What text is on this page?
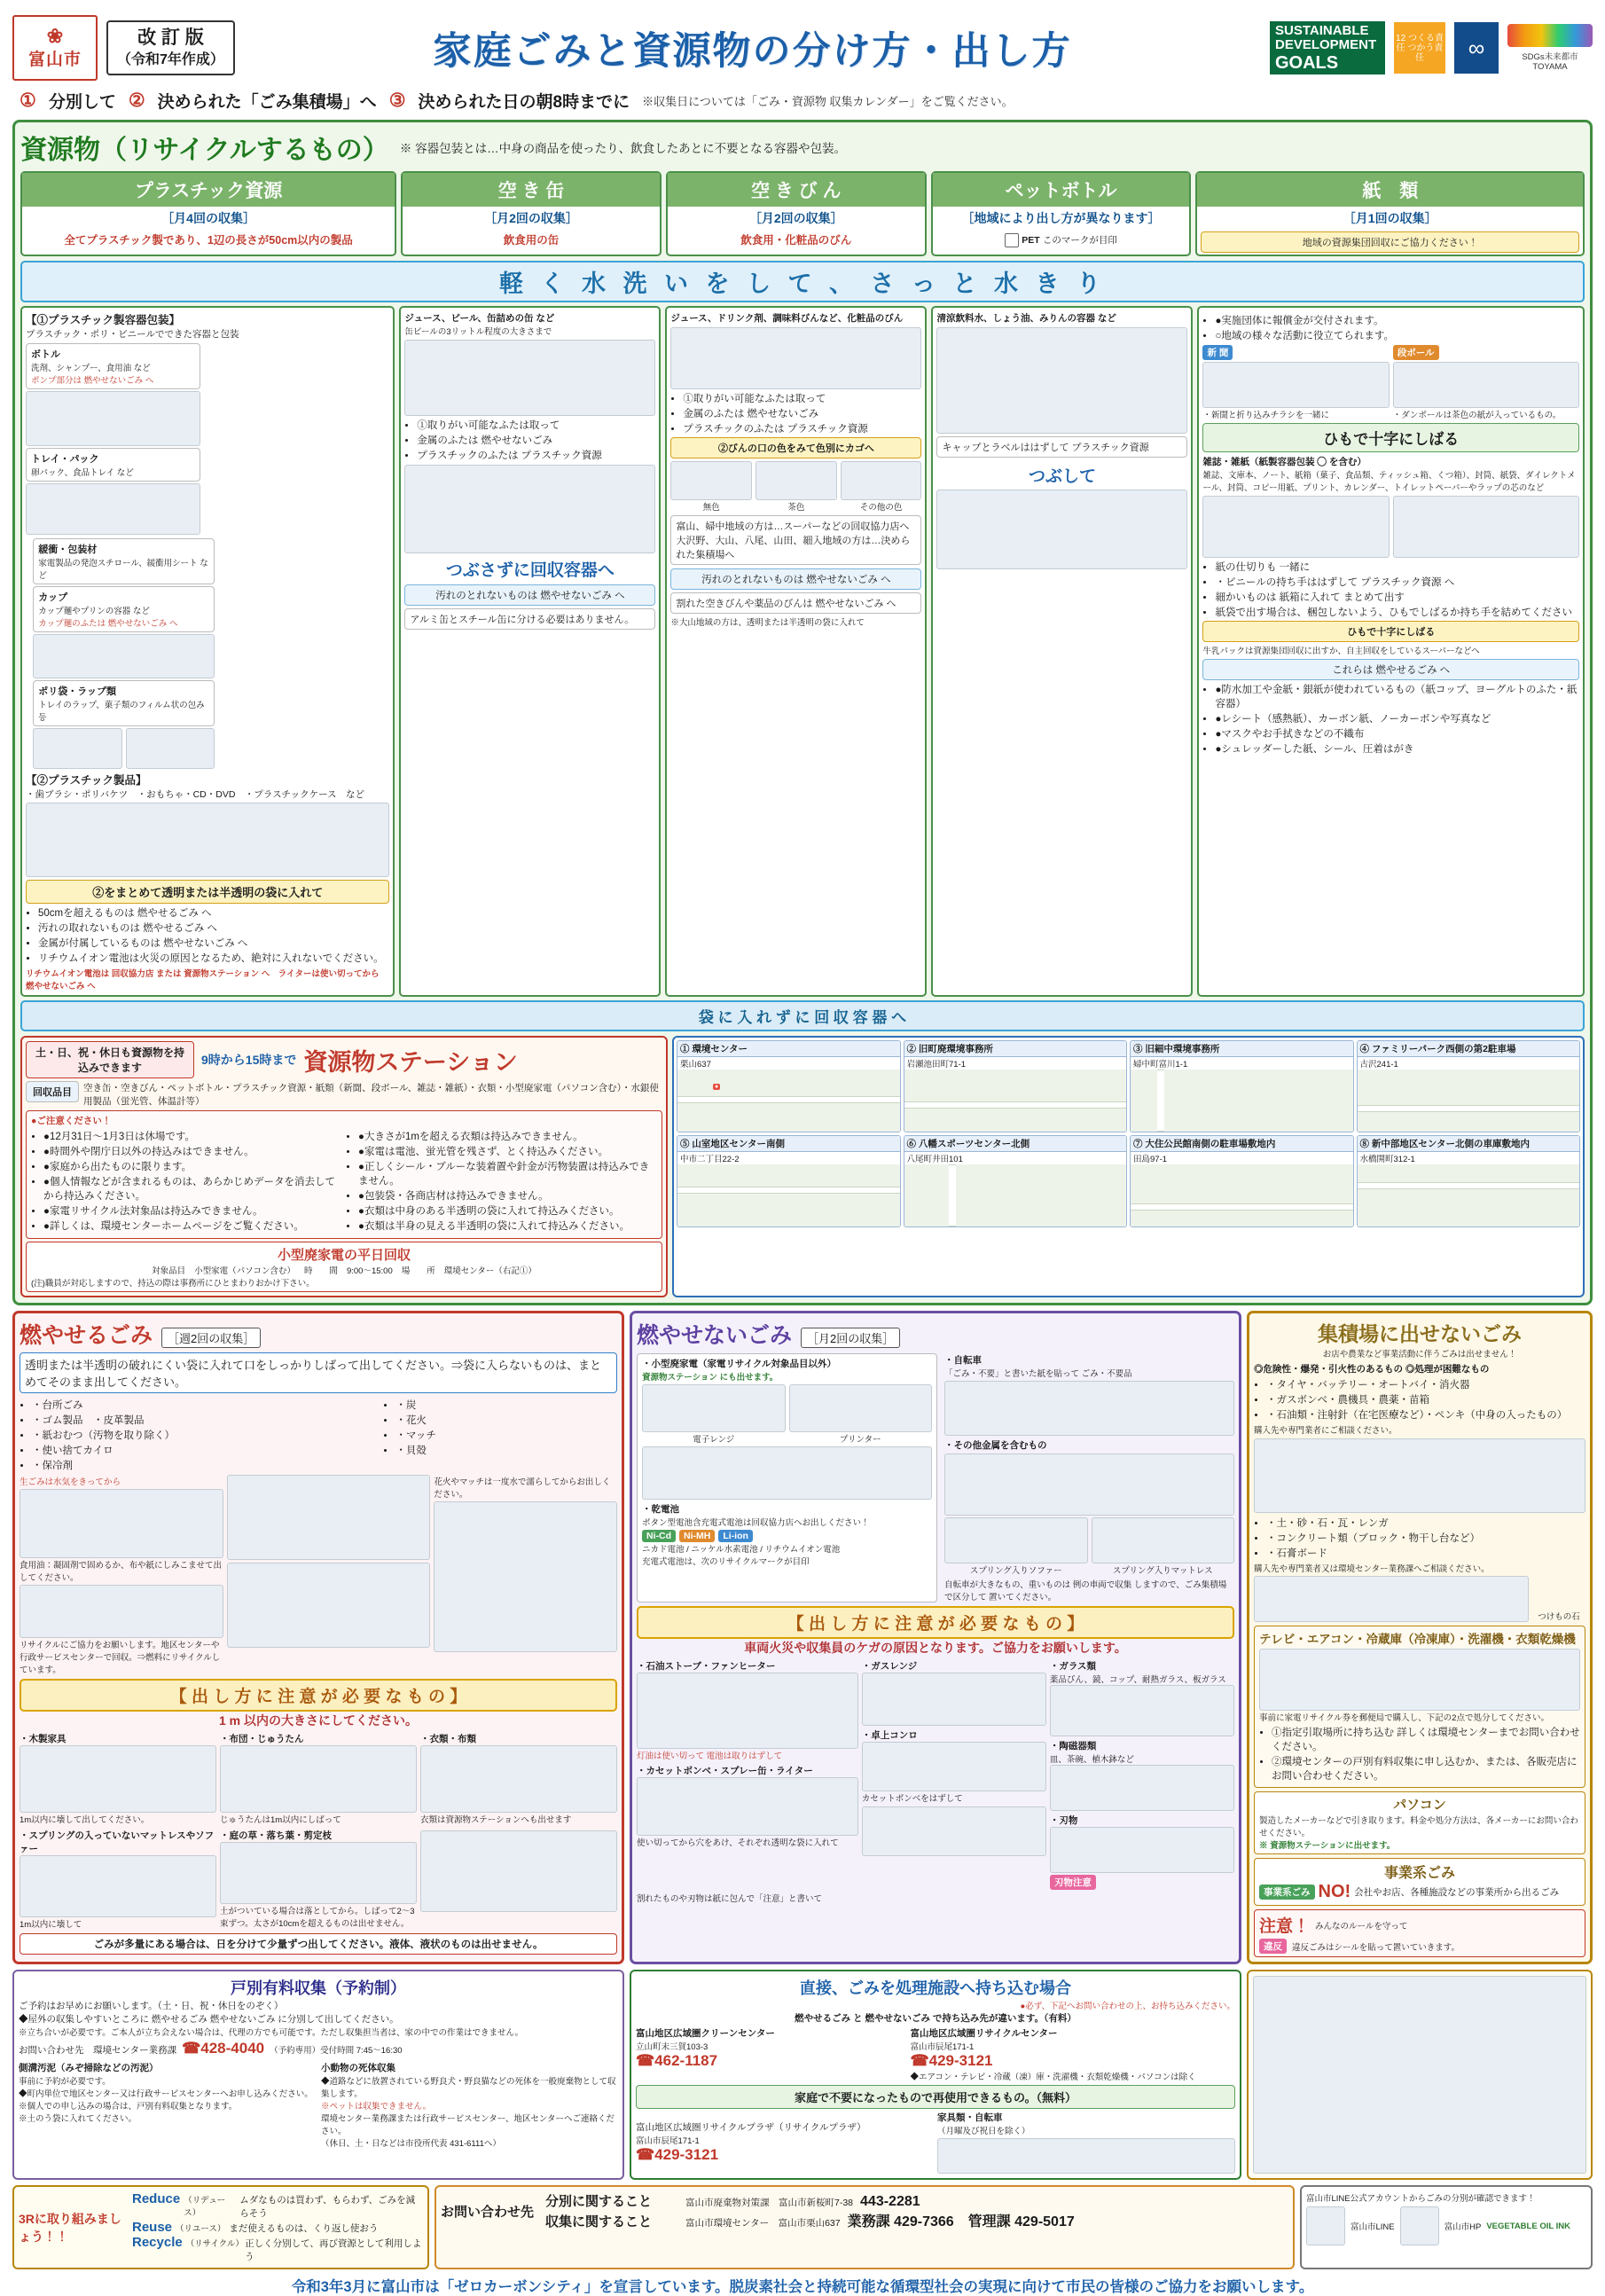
❀
富山市
改 訂 版
（令和7年作成）	家庭ごみと資源物の分け方・出し方	SUSTAINABLE
DEVELOPMENT
GOALS
12 つくる責任 つかう責任	∞	SDGs未来都市 TOYAMA
① 分別して ② 決められた「ごみ集積場」へ ③ 決められた日の朝8時までに ※収集日については「ごみ・資源物 収集カレンダー」をご覧ください。
資源物（リサイクルするもの） ※ 容器包装とは…中身の商品を使ったり、飲食したあとに不要となる容器や包装。
プラスチック資源
［月4回の収集］
全てプラスチック製であり、1辺の長さが50cm以内の製品
空 き 缶
［月2回の収集］
飲食用の缶
空 き び ん
［月2回の収集］
飲食用・化粧品のびん
ペットボトル
［地域により出し方が異なります］
PET このマークが目印
紙　類
［月1回の収集］
地域の資源集団回収にご協力ください！
軽 く 水 洗 い を し て 、 さ っ と 水 き り
【①プラスチック製容器包装】
プラスチック・ポリ・ビニールでできた容器と包装
ボトル
洗剤、シャンプー、食用油 など
ポンプ部分は 燃やせないごみ へ
トレイ・パック
卵パック、食品トレイ など
緩衝・包装材
家電製品の発泡スチロール、緩衝用シート など
カップ
カップ麺やプリンの容器 など
カップ麺のふたは 燃やせないごみ へ
ポリ袋・ラップ類
トレイのラップ、菓子類のフィルム状の包み 등
【②プラスチック製品】
・歯ブラシ・ポリバケツ　・おもちゃ・CD・DVD　・プラスチックケース　など
②をまとめて透明または半透明の袋に入れて
• 50cmを超えるものは 燃やせるごみ へ
• 汚れの取れないものは 燃やせるごみ へ
• 金属が付属しているものは 燃やせないごみ へ
• リチウムイオン電池は火災の原因となるため、絶対に入れないでください。
リチウムイオン電池は 回収協力店 または 資源物ステーション へ　ライターは使い切ってから 燃やせないごみ へ
ジュース、ビール、缶詰めの缶 など
缶ビールの3リットル程度の大きさまで
• ①取りがい可能なふたは取って
• 金属のふたは 燃やせないごみ
• プラスチックのふたは プラスチック資源
つぶさずに回収容器へ
汚れのとれないものは 燃やせないごみ へ
アルミ缶とスチール缶に分ける必要はありません。
ジュース、ドリンク剤、調味料びんなど、化粧品のびん
• ①取りがい可能なふたは取って
• 金属のふたは 燃やせないごみ
• プラスチックのふたは プラスチック資源
②びんの口の色をみて色別にカゴへ
無色	茶色	その他の色
富山、婦中地域の方は…スーパーなどの回収協力店へ 大沢野、大山、八尾、山田、細入地域の方は…決められた集積場へ
汚れのとれないものは 燃やせないごみ へ
割れた空きびんや薬品のびんは 燃やせないごみ へ
※大山地域の方は、透明または半透明の袋に入れて
清涼飲料水、しょう油、みりんの容器 など
キャップとラベルははずして プラスチック資源
つぶして
• ●実施団体に報償金が交付されます。
• ○地域の様々な活動に役立てられます。
新 聞
・新聞と折り込みチラシを一緒に
段ボール
・ダンボールは茶色の紙が入っているもの。
ひもで十字にしばる
雑誌・雑紙（紙製容器包装 ◯ を含む）
雑誌、文庫本、ノート、紙箱（菓子、食品類、ティッシュ箱、くつ箱）、封筒、紙袋、ダイレクトメール、封筒、コピー用紙、プリント、カレンダー、トイレットペーパーやラップの芯のなど
• 紙の仕切りも 一緒に
• ・ビニールの持ち手ははずして プラスチック資源 へ
• 細かいものは 紙箱に入れて まとめて出す
• 紙袋で出す場合は、梱包しないよう、ひもでしばるか持ち手を結めてください
ひもで十字にしばる
牛乳パックは資源集団回収に出すか、自主回収をしているスーパーなどへ
これらは 燃やせるごみ へ
• ●防水加工や金紙・銀紙が使われているもの（紙コップ、ヨーグルトのふた・紙容器）
• ●レシート（感熱紙）、カーボン紙、ノーカーボンや写真など
• ●マスクやお手拭きなどの不織布
• ●シュレッダーした紙、シール、圧着はがき
袋 に 入 れ ず に 回 収 容 器 へ
土・日、祝・休日も資源物を持込みできます
9時から15時まで 資源物ステーション
回収品目	空き缶・空きびん・ペットボトル・プラスチック資源・紙類（新聞、段ボール、雑誌・雑紙）・衣類・小型廃家電（パソコン含む）・水銀使用製品（蛍光管、体温計等）
●ご注意ください！
• ●12月31日～1月3日は休場です。
• ●時間外や閉庁日以外の持込みはできません。
• ●家庭から出たものに限ります。
• ●個人情報などが含まれるものは、あらかじめデータを消去してから持込みください。
• ●家電リサイクル法対象品は持込みできません。
• ●詳しくは、環境センターホームページをご覧ください。
• ●大きさが1mを超える衣類は持込みできません。
• ●家電は電池、蛍光管を残さず、とく持込みください。
• ●正しくシール・ブルーな装着置や針金が汚物装置は持込みできません。
• ●包装袋・各商店材は持込みできません。
• ●衣類は中身のある半透明の袋に入れて持込みください。
• ●衣類は半身の見える半透明の袋に入れて持込みください。
小型廃家電の平日回収
対象品目 小型家電（パソコン含む） 時　　間 9:00～15:00 場　　所 環境センター（右記①）
(注)職員が対応しますので、持込の際は事務所にひとまわりおかけ下さい。
① 環境センター
栗山637
●
② 旧町廃環境事務所
岩瀬池田町71-1
③ 旧細中環境事務所
婦中町富川1-1
④ ファミリーパーク西側の第2駐車場
古沢241-1
⑤ 山室地区センター南側
中市二丁目22-2
⑥ 八幡スポーツセンター北側
八尾町井田101
⑦ 大住公民館南側の駐車場敷地内
田島97-1
⑧ 新中部地区センター北側の車庫敷地内
水橋開町312-1
燃やせるごみ	［週2回の収集］
透明または半透明の破れにくい袋に入れて口をしっかりしばって出してください。⇒袋に入らないものは、まとめてそのまま出してください。
• ・台所ごみ
• ・ゴム製品　・皮革製品
• ・紙おむつ（汚物を取り除く）
• ・使い捨てカイロ
• ・保冷剤
• ・炭
• ・花火
• ・マッチ
• ・貝殻
生ごみは水気をきってから
食用油：凝固剤で固めるか、布や紙にしみこませて出してください。
リサイクルにご協力をお願いします。地区センターや行政サービスセンターで回収。⇒燃料にリサイクルしています。
花火やマッチは一度水で濡らしてからお出しください。
【 出 し 方 に 注 意 が 必 要 な も の 】
1 m 以内の大きさにしてください。
・木製家具
1m以内に壊して出してください。
・スプリングの入っていないマットレスやソファー
1m以内に壊して
・布団・じゅうたん
じゅうたんは1m以内にしばって
・庭の草・落ち葉・剪定枝
土がついている場合は落としてから。しばって2～3束ずつ。太さが10cmを超えるものは出せません。
・衣類・布類
衣類は資源物ステーションへも出せます
ごみが多量にある場合は、日を分けて少量ずつ出してください。液体、液状のものは出せません。
燃やせないごみ	［月2回の収集］
・小型廃家電（家電リサイクル対象品目以外）
資源物ステーション にも出せます。
電子レンジ	プリンター
・乾電池
ボタン型電池含充電式電池は回収協力店へお出しください！
Ni-Cd	Ni-MH	Li-ion
ニカド電池 / ニッケル水素電池 / リチウムイオン電池
充電式電池は、次のリサイクルマークが目印
・自転車
「ごみ・不要」と書いた紙を貼って ごみ・不要品
・その他金属を含むもの
スプリング入りソファー	スプリング入りマットレス
自転車が大きなもの、重いものは 例の車両で収集 しますので、ごみ集積場で区分して 置いてください。
【 出 し 方 に 注 意 が 必 要 な も の 】
車両火災や収集員のケガの原因となります。ご協力をお願いします。
・石油ストーブ・ファンヒーター
灯油は使い切って 電池は取りはずして
・カセットボンベ・スプレー缶・ライター
使い切ってから穴をあけ、それぞれ透明な袋に入れて
・ガスレンジ
・卓上コンロ
カセットボンベをはずして
・ガラス類
薬品びん、鏡、コップ、耐熱ガラス、板ガラス
・陶磁器類
皿、茶碗、植木鉢など
・刃物
刃物注意
割れたものや刃物は紙に包んで「注意」と書いて
集積場に出せないごみ
お店や農業など事業活動に伴うごみは出せません！
◎危険性・爆発・引火性のあるもの ◎処理が困難なもの
• ・タイヤ・バッテリー・オートバイ・消火器
• ・ガスボンベ・農機具・農薬・苗箱
• ・石油類・注射針（在宅医療など）・ペンキ（中身の入ったもの）
購入先や専門業者にご相談ください。
• ・土・砂・石・瓦・レンガ
• ・コンクリート類（ブロック・物干し台など）
• ・石膏ボード
購入先や専門業者又は環境センター業務課へご相談ください。
つけもの石
テレビ・エアコン・冷蔵庫（冷凍庫）・洗濯機・衣類乾燥機
事前に家電リサイクル券を郵便局で購入し、下記の2点で処分してください。
• ①指定引取場所に持ち込む 詳しくは環境センターまでお問い合わせください。
• ②環境センターの戸別有料収集に申し込むか、または、各販売店にお問い合わせください。
パソコン
製造したメーカーなどで引き取ります。料金や処分方法は、各メーカーにお問い合わせください。
※ 資源物ステーションに出せます。
事業系ごみ
事業系ごみ NO! 会社やお店、各種施設などの事業所から出るごみ
注意！ みんなのルールを守って
違反	違反ごみはシールを貼って置いていきます。
戸別有料収集（予約制）
ご予約はお早めにお願いします。（土・日、祝・休日をのぞく）
◆屋外の収集しやすいところに 燃やせるごみ 燃やせないごみ に分別して出してください。
※立ち合いが必要です。ご本人が立ち会えない場合は、代理の方でも可能です。ただし収集担当者は、家の中での作業はできません。
お問い合わせ先　環境センター業務課 ☎428-4040 （予約専用）受付時間 7:45～16:30
側溝汚泥（みぞ掃除などの汚泥）
事前に予約が必要です。
◆町内単位で地区センター又は行政サービスセンターへお申し込みください。
※個人での申し込みの場合は、戸別有料収集となります。
※土のう袋に入れてください。
小動物の死体収集
◆道路などに放置されている野良犬・野良猫などの死体を一般廃棄物として収集します。
※ペットは収集できません。
環境センター業務課または行政サービスセンター、地区センターへご連絡ください。
（休日、土・日などは市役所代表 431-6111へ）
直接、ごみを処理施設へ持ち込む場合
●必ず、下記へお問い合わせの上、お持ち込みください。
燃やせるごみ と 燃やせないごみ で持ち込み先が違います。（有料）
富山地区広域圏クリーンセンター
立山町末三賀103-3
☎462-1187
富山地区広域圏リサイクルセンター
富山市辰尾171-1
☎429-3121
◆エアコン・テレビ・冷蔵（凍）庫・洗濯機・衣類乾燥機・パソコンは除く
家庭で不要になったもので再使用できるもの。（無料）
富山地区広域圏リサイクルプラザ（リサイクルプラザ）
富山市辰尾171-1
☎429-3121
家具類・自転車
（月曜及び祝日を除く）
3Rに取り組みましょう！！
Reduce （リデュース）
ムダなものは買わず、もらわず、ごみを減らそう
Reuse （リユース） まだ使えるものは、くり返し使おう
Recycle （リサイクル） 正しく分別して、再び資源として利用しよう
お問い合わせ先
分別に関すること	富山市廃棄物対策課　富山市新桜町7-38 443-2281
収集に関すること	富山市環境センター　富山市栗山637 業務課 429-7366　管理課 429-5017
富山市LINE公式アカウントからごみの分別が確認できます！
富山市LINE	富山市HP VEGETABLE OIL INK
令和3年3月に富山市は「ゼロカーボンシティ」を宣言しています。脱炭素社会と持続可能な循環型社会の実現に向けて市民の皆様のご協力をお願いします。
